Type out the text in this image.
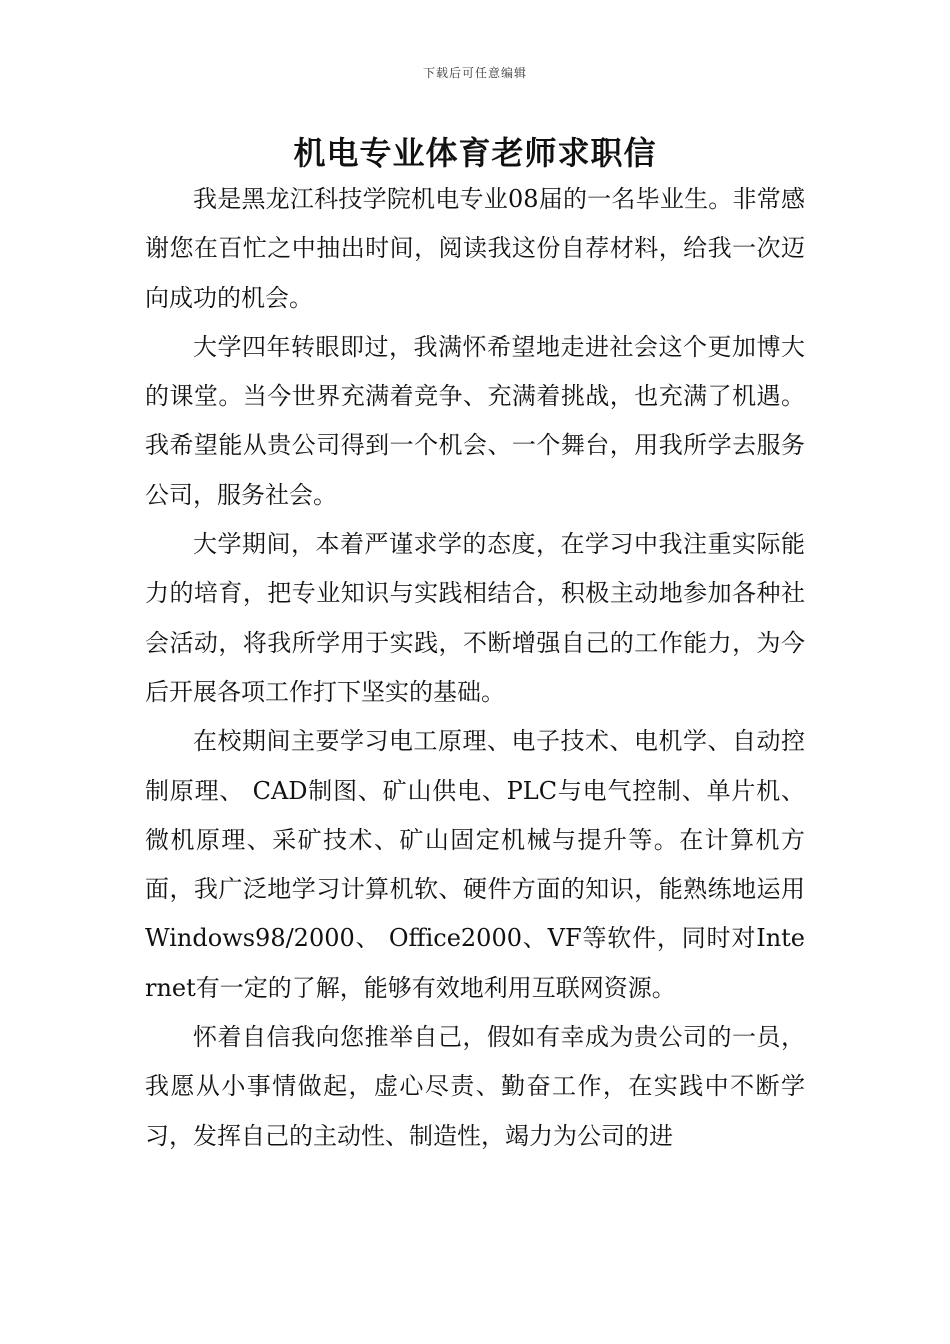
下载后可任意编辑
机电专业体育老师求职信

我是黑龙江科技学院机电专业08届的一名毕业生。非常感谢您在百忙之中抽出时间，阅读我这份自荐材料，给我一次迈向成功的机会。

大学四年转眼即过，我满怀希望地走进社会这个更加博大的课堂。当今世界充满着竞争、充满着挑战，也充满了机遇。我希望能从贵公司得到一个机会、一个舞台，用我所学去服务公司，服务社会。

大学期间，本着严谨求学的态度，在学习中我注重实际能力的培育，把专业知识与实践相结合，积极主动地参加各种社会活动，将我所学用于实践，不断增强自己的工作能力，为今后开展各项工作打下坚实的基础。

在校期间主要学习电工原理、电子技术、电机学、自动控制原理、 CAD制图、矿山供电、PLC与电气控制、单片机、微机原理、采矿技术、矿山固定机械与提升等。在计算机方面，我广泛地学习计算机软、硬件方面的知识，能熟练地运用 Windows98/2000、 Office2000、VF等软件，同时对Internet有一定的了解，能够有效地利用互联网资源。

怀着自信我向您推举自己，假如有幸成为贵公司的一员，我愿从小事情做起，虚心尽责、勤奋工作，在实践中不断学习，发挥自己的主动性、制造性，竭力为公司的进
